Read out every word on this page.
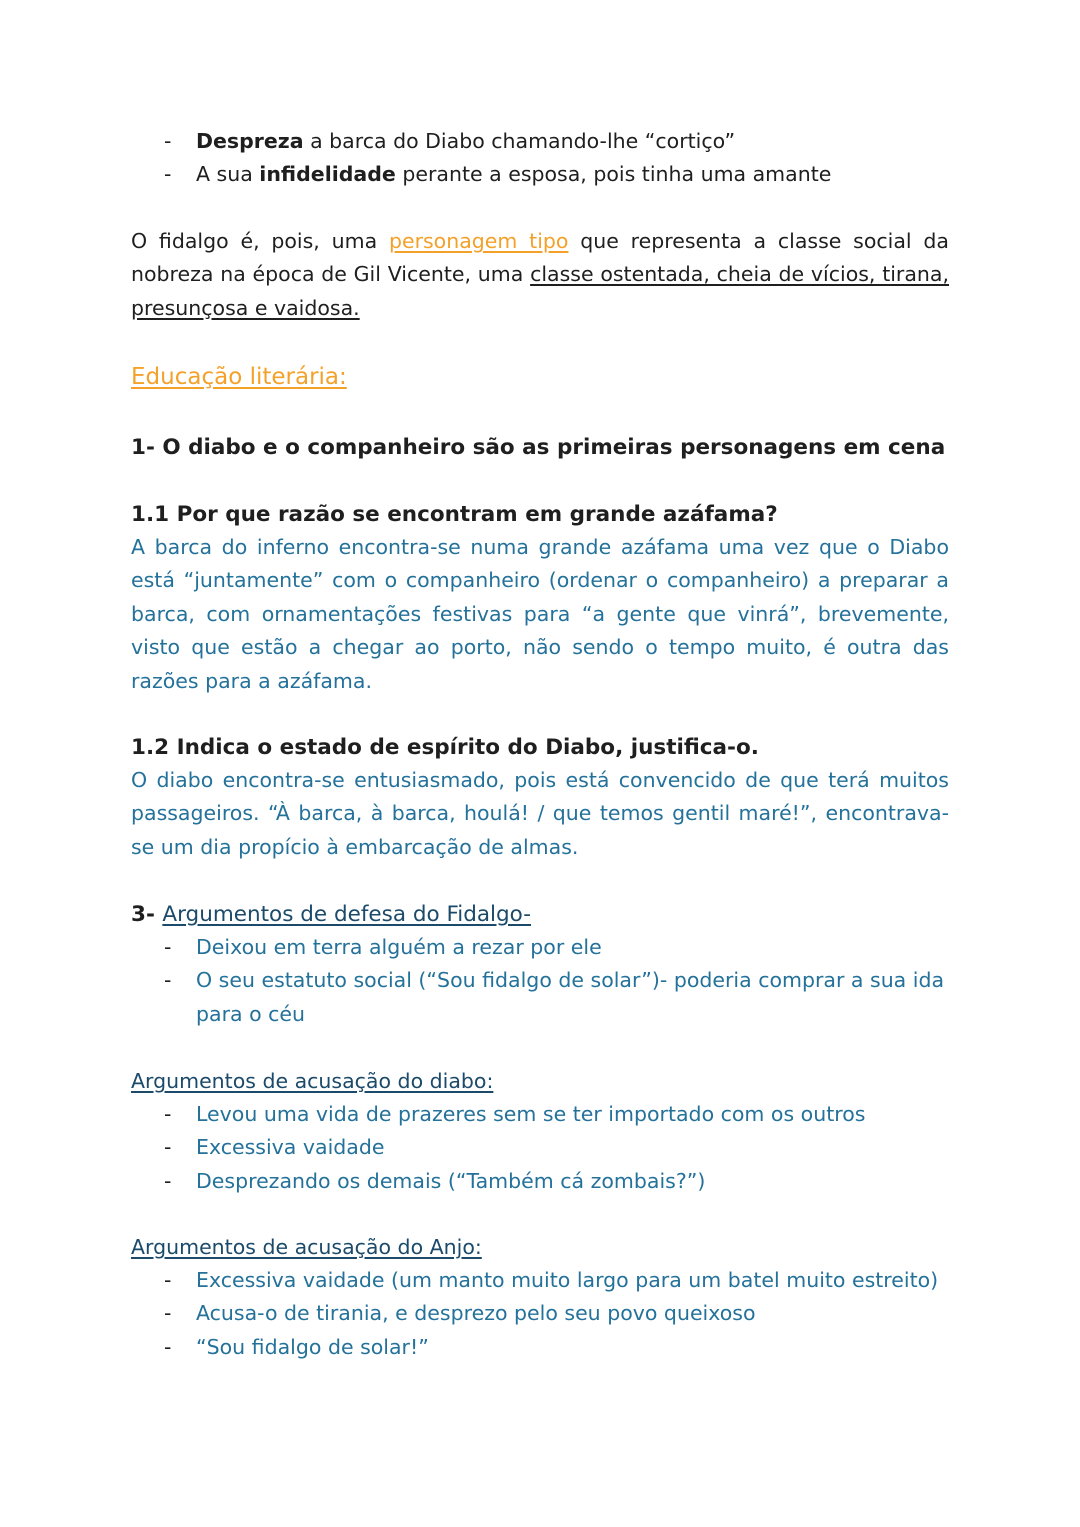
- Despreza a barca do Diabo chamando-lhe “cortiço”
- A sua infidelidade perante a esposa, pois tinha uma amante

O fidalgo é, pois, uma personagem tipo que representa a classe social da nobreza na época de Gil Vicente, uma classe ostentada, cheia de vícios, tirana, presunçosa e vaidosa.

Educação literária:
1- O diabo e o companheiro são as primeiras personagens em cena
1.1 Por que razão se encontram em grande azáfama?

A barca do inferno encontra-se numa grande azáfama uma vez que o Diabo está “juntamente” com o companheiro (ordenar o companheiro) a preparar a barca, com ornamentações festivas para “a gente que vinrá”, brevemente, visto que estão a chegar ao porto, não sendo o tempo muito, é outra das razões para a azáfama.

1.2 Indica o estado de espírito do Diabo, justifica-o.

O diabo encontra-se entusiasmado, pois está convencido de que terá muitos passageiros. “À barca, à barca, houlá! / que temos gentil maré!”, encontrava-se um dia propício à embarcação de almas.

3- Argumentos de defesa do Fidalgo-
- Deixou em terra alguém a rezar por ele
- O seu estatuto social (“Sou fidalgo de solar”)- poderia comprar a sua ida para o céu
Argumentos de acusação do diabo:
- Levou uma vida de prazeres sem se ter importado com os outros
- Excessiva vaidade
- Desprezando os demais (“Também cá zombais?”)
Argumentos de acusação do Anjo:
- Excessiva vaidade (um manto muito largo para um batel muito estreito)
- Acusa-o de tirania, e desprezo pelo seu povo queixoso
- “Sou fidalgo de solar!”
